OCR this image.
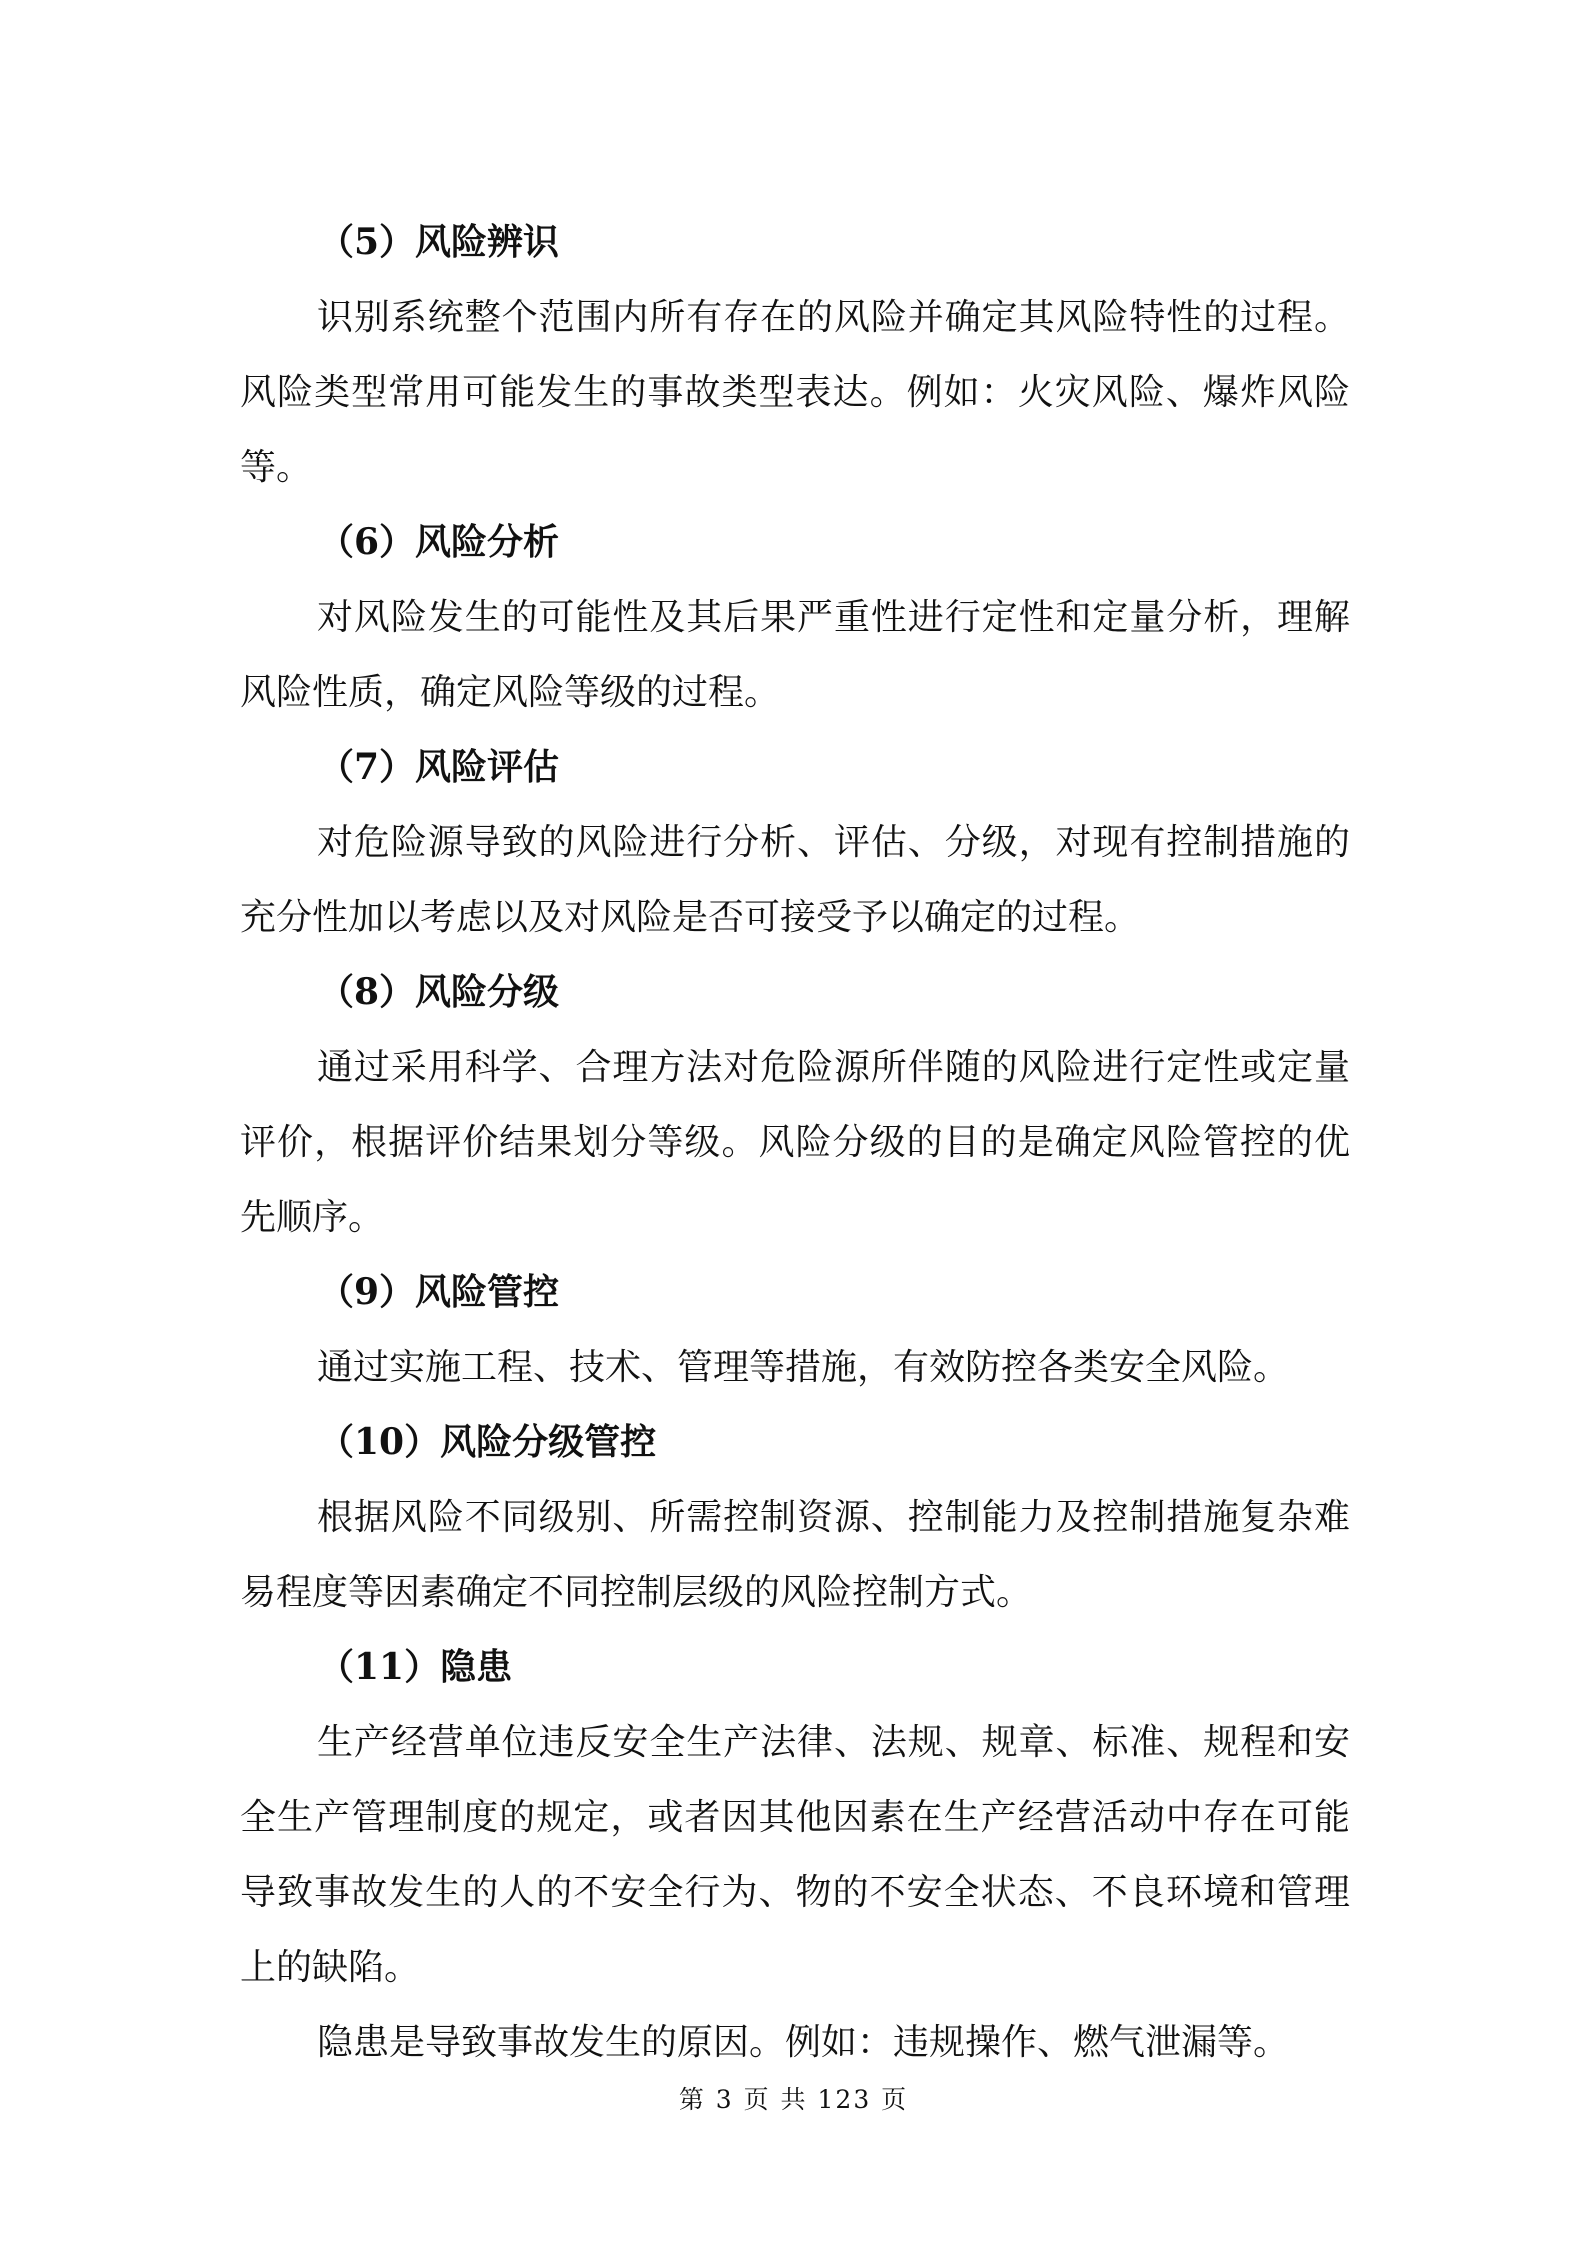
（5）风险辨识

识别系统整个范围内所有存在的风险并确定其风险特性的过程。风险类型常用可能发生的事故类型表达。例如：火灾风险、爆炸风险等。

（6）风险分析

对风险发生的可能性及其后果严重性进行定性和定量分析，理解风险性质，确定风险等级的过程。

（7）风险评估

对危险源导致的风险进行分析、评估、分级，对现有控制措施的充分性加以考虑以及对风险是否可接受予以确定的过程。

（8）风险分级

通过采用科学、合理方法对危险源所伴随的风险进行定性或定量评价，根据评价结果划分等级。风险分级的目的是确定风险管控的优先顺序。

（9）风险管控

通过实施工程、技术、管理等措施，有效防控各类安全风险。

（10）风险分级管控

根据风险不同级别、所需控制资源、控制能力及控制措施复杂难易程度等因素确定不同控制层级的风险控制方式。

（11）隐患

生产经营单位违反安全生产法律、法规、规章、标准、规程和安全生产管理制度的规定，或者因其他因素在生产经营活动中存在可能导致事故发生的人的不安全行为、物的不安全状态、不良环境和管理上的缺陷。

隐患是导致事故发生的原因。例如：违规操作、燃气泄漏等。

第 3 页 共 123 页
